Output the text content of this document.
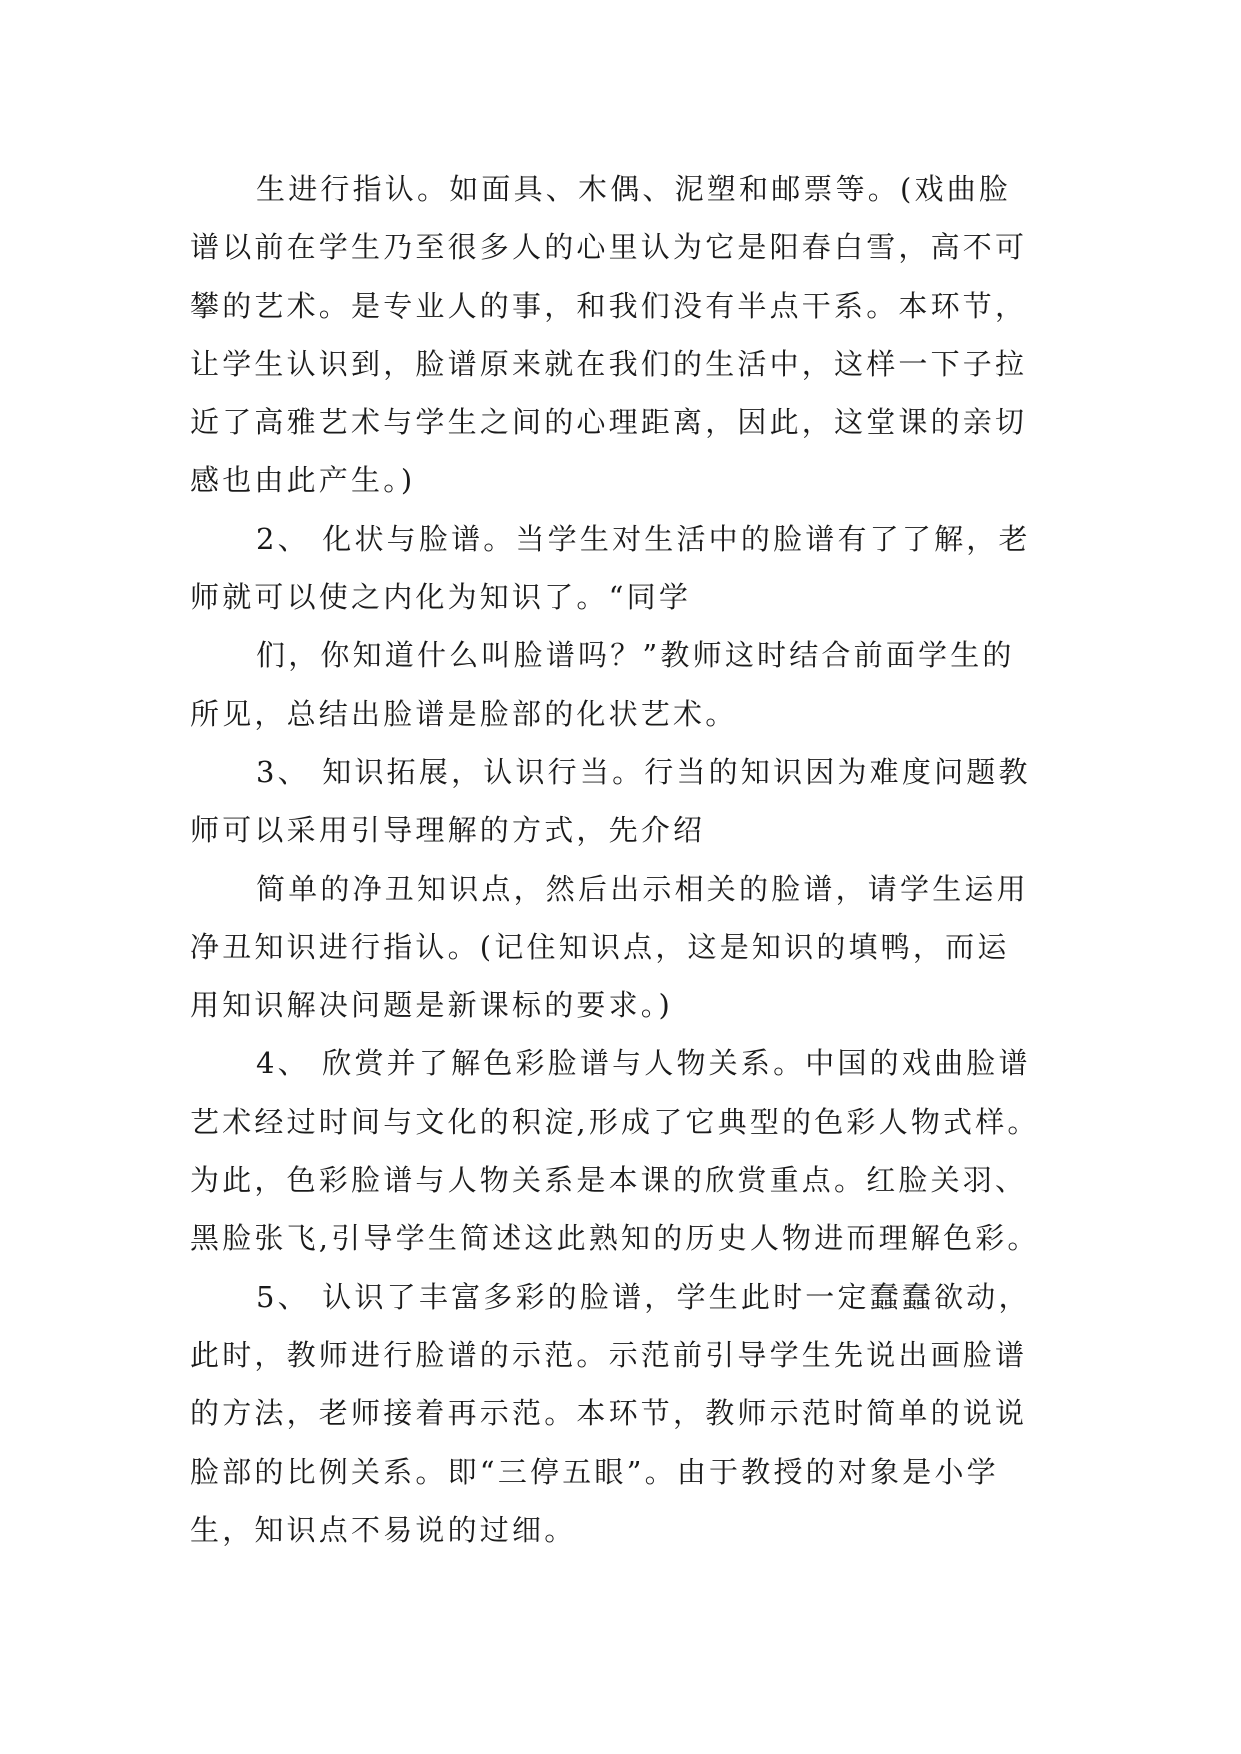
生进行指认。如面具、木偶、泥塑和邮票等。(戏曲脸
谱以前在学生乃至很多人的心里认为它是阳春白雪，高不可
攀的艺术。是专业人的事，和我们没有半点干系。本环节，
让学生认识到，脸谱原来就在我们的生活中，这样一下子拉
近了高雅艺术与学生之间的心理距离，因此，这堂课的亲切
感也由此产生。)
2、 化状与脸谱。当学生对生活中的脸谱有了了解，老
师就可以使之内化为知识了。“同学
们，你知道什么叫脸谱吗？”教师这时结合前面学生的
所见，总结出脸谱是脸部的化状艺术。
3、 知识拓展，认识行当。行当的知识因为难度问题教
师可以采用引导理解的方式，先介绍
简单的净丑知识点，然后出示相关的脸谱，请学生运用
净丑知识进行指认。(记住知识点，这是知识的填鸭，而运
用知识解决问题是新课标的要求。)
4、 欣赏并了解色彩脸谱与人物关系。中国的戏曲脸谱
艺术经过时间与文化的积淀,形成了它典型的色彩人物式样。
为此，色彩脸谱与人物关系是本课的欣赏重点。红脸关羽、
黑脸张飞,引导学生简述这此熟知的历史人物进而理解色彩。
5、 认识了丰富多彩的脸谱，学生此时一定蠢蠢欲动，
此时，教师进行脸谱的示范。示范前引导学生先说出画脸谱
的方法，老师接着再示范。本环节，教师示范时简单的说说
脸部的比例关系。即“三停五眼”。由于教授的对象是小学
生，知识点不易说的过细。
